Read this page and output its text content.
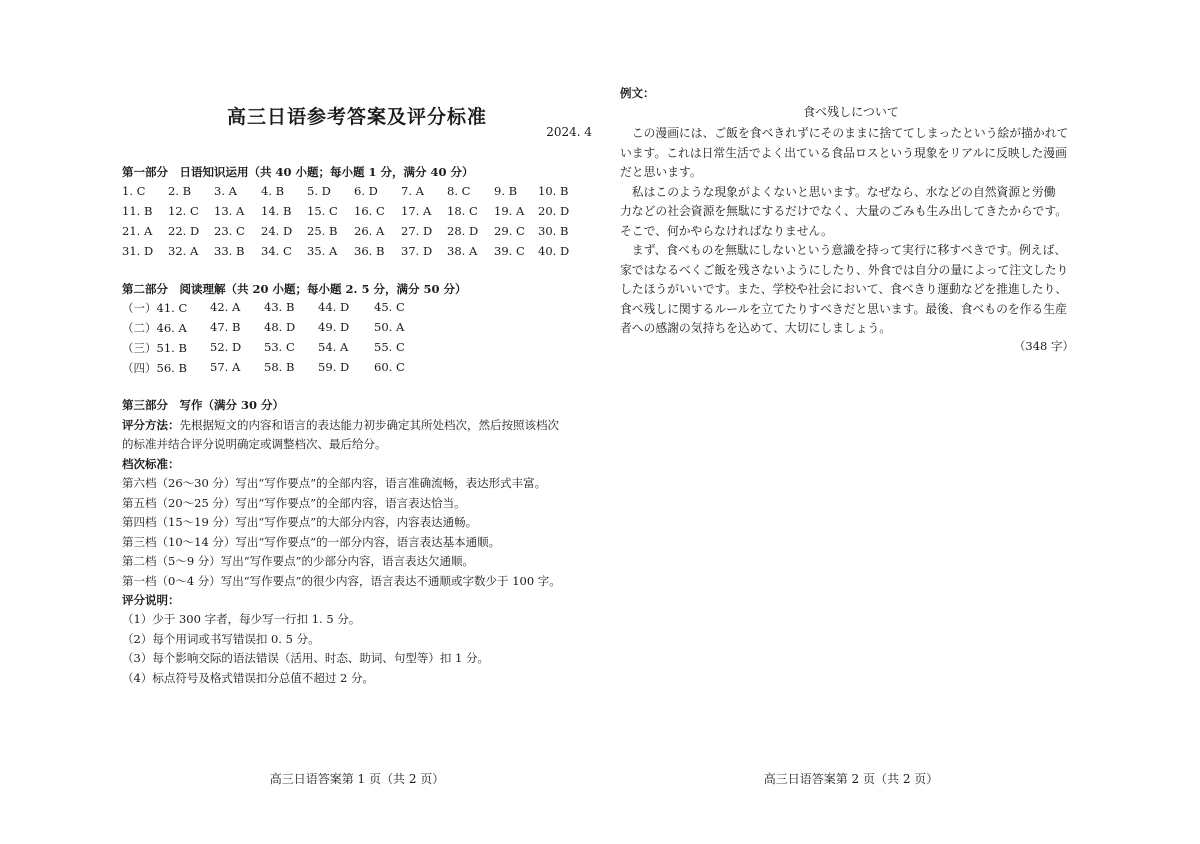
高三日语参考答案及评分标准
2024. 4
第一部分　日语知识运用（共 40 小题；每小题 1 分，满分 40 分）
1. C 2. B 3. A 4. B 5. D 6. D 7. A 8. C 9. B 10. B
11. B 12. C 13. A 14. B 15. C 16. C 17. A 18. C 19. A 20. D
21. A 22. D 23. C 24. D 25. B 26. A 27. D 28. D 29. C 30. B
31. D 32. A 33. B 34. C 35. A 36. B 37. D 38. A 39. C 40. D
第二部分　阅读理解（共 20 小题；每小题 2. 5 分，满分 50 分）
（一）41. C 42. A 43. B 44. D 45. C
（二）46. A 47. B 48. D 49. D 50. A
（三）51. B 52. D 53. C 54. A 55. C
（四）56. B 57. A 58. B 59. D 60. C
第三部分　写作（满分 30 分）
评分方法：先根据短文的内容和语言的表达能力初步确定其所处档次，然后按照该档次
的标准并结合评分说明确定或调整档次、最后给分。
档次标准：
第六档（26～30 分）写出“写作要点”的全部内容，语言准确流畅，表达形式丰富。
第五档（20～25 分）写出“写作要点”的全部内容，语言表达恰当。
第四档（15～19 分）写出“写作要点”的大部分内容，内容表达通畅。
第三档（10～14 分）写出“写作要点”的一部分内容，语言表达基本通顺。
第二档（5～9 分）写出“写作要点”的少部分内容，语言表达欠通顺。
第一档（0～4 分）写出“写作要点”的很少内容，语言表达不通顺或字数少于 100 字。
评分说明：
（1）少于 300 字者，每少写一行扣 1. 5 分。
（2）每个用词或书写错误扣 0. 5 分。
（3）每个影响交际的语法错误（活用、时态、助词、句型等）扣 1 分。
（4）标点符号及格式错误扣分总值不超过 2 分。
高三日语答案第 1 页（共 2 页）
例文：
食べ残しについて
　この漫画には、ご飯を食べきれずにそのままに捨ててしまったという絵が描かれて
います。これは日常生活でよく出ている食品ロスという現象をリアルに反映した漫画
だと思います。
　私はこのような現象がよくないと思います。なぜなら、水などの自然資源と労働
力などの社会資源を無駄にするだけでなく、大量のごみも生み出してきたからです。
そこで、何かやらなければなりません。
　まず、食べものを無駄にしないという意識を持って実行に移すべきです。例えば、
家ではなるべくご飯を残さないようにしたり、外食では自分の量によって注文したり
したほうがいいです。また、学校や社会において、食べきり運動などを推進したり、
食べ残しに関するルールを立てたりすべきだと思います。最後、食べものを作る生産
者への感謝の気持ちを込めて、大切にしましょう。
（348 字）
高三日语答案第 2 页（共 2 页）
